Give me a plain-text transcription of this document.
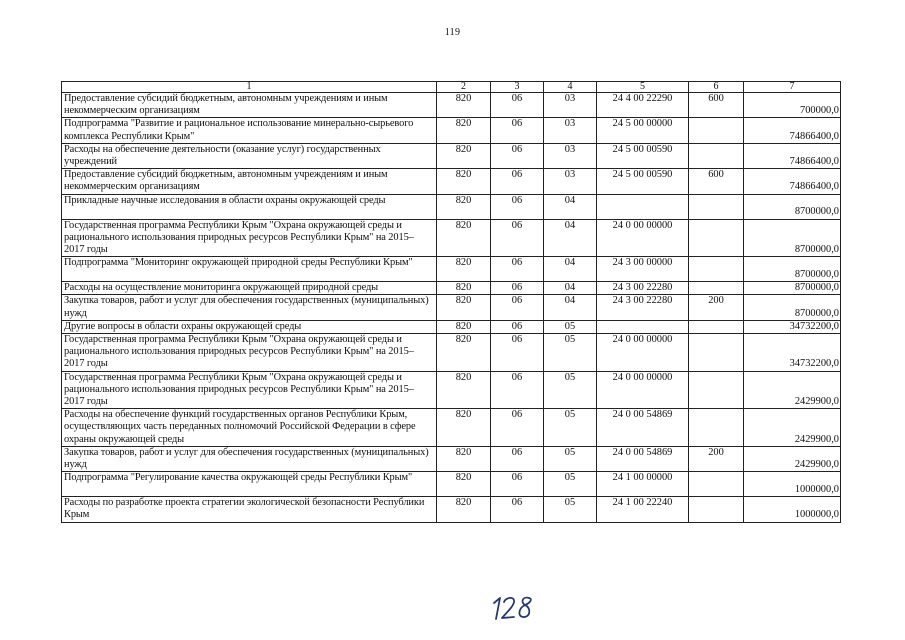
119
1	2	3	4	5	6	7
Предоставление субсидий бюджетным, автономным учреждениям и иным некоммерческим организациям	820	06	03	24 4 00 22290	600	700000,0
Подпрограмма "Развитие и рациональное использование минерально-сырьевого комплекса Республики Крым"	820	06	03	24 5 00 00000		74866400,0
Расходы на обеспечение деятельности (оказание услуг) государственных учреждений	820	06	03	24 5 00 00590		74866400,0
Предоставление субсидий бюджетным, автономным учреждениям и иным некоммерческим организациям	820	06	03	24 5 00 00590	600	74866400,0
Прикладные научные исследования в области охраны окружающей среды	820	06	04			8700000,0
Государственная программа Республики Крым "Охрана окружающей среды и рационального использования природных ресурсов Республики Крым" на 2015–2017 годы	820	06	04	24 0 00 00000		8700000,0
Подпрограмма "Мониторинг окружающей природной среды Республики Крым"	820	06	04	24 3 00 00000		8700000,0
Расходы на осуществление мониторинга окружающей природной среды	820	06	04	24 3 00 22280		8700000,0
Закупка товаров, работ и услуг для обеспечения государственных (муниципальных) нужд	820	06	04	24 3 00 22280	200	8700000,0
Другие вопросы в области охраны окружающей среды	820	06	05			34732200,0
Государственная программа Республики Крым "Охрана окружающей среды и рационального использования природных ресурсов Республики Крым" на 2015–2017 годы	820	06	05	24 0 00 00000		34732200,0
Государственная программа Республики Крым "Охрана окружающей среды и рационального использования природных ресурсов Республики Крым" на 2015–2017 годы	820	06	05	24 0 00 00000		2429900,0
Расходы на обеспечение функций государственных органов Республики Крым, осуществляющих часть переданных полномочий Российской Федерации в сфере охраны окружающей среды	820	06	05	24 0 00 54869		2429900,0
Закупка товаров, работ и услуг для обеспечения государственных (муниципальных) нужд	820	06	05	24 0 00 54869	200	2429900,0
Подпрограмма "Регулирование качества окружающей среды Республики Крым"	820	06	05	24 1 00 00000		1000000,0
Расходы по разработке проекта стратегии экологической безопасности Республики Крым	820	06	05	24 1 00 22240		1000000,0
